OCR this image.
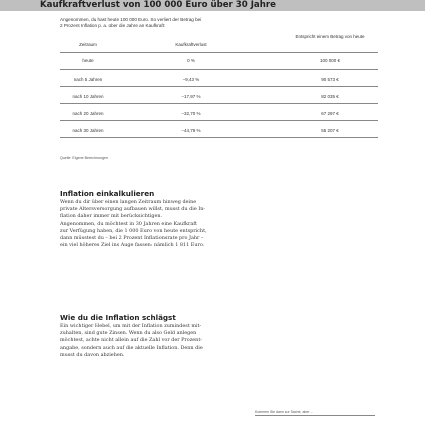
Kaufkraftverlust von 100 000 Euro über 30 Jahre
Angenommen, du hast heute 100 000 Euro. So verliert der Betrag bei
2 Prozent Inflation p. a. über die Jahre an Kaufkraft:
Zeitraum	Kaufkraftverlust
Entspricht einem Betrag von heute
heute	0 %	100 000 €
nach 5 Jahren	−9,43 %	90 573 €
nach 10 Jahren	−17,97 %	82 035 €
nach 20 Jahren	−32,70 %	67 297 €
nach 30 Jahren	−44,79 %	55 207 €
Quelle: Eigene Berechnungen
Inflation einkalkulieren
Wenn du dir über einen langen Zeitraum hinweg deine
private Altersversorgung aufbauen willst, musst du die In-
flation daher immer mit berücksichtigen.
Angenommen, du möchtest in 30 Jahren eine Kaufkraft
zur Verfügung haben, die 1 000 Euro von heute entspricht,
dann müsstest du – bei 2 Prozent Inflationsrate pro Jahr –
ein viel höheres Ziel ins Auge fassen: nämlich 1 811 Euro.
Wie du die Inflation schlägst
Ein wichtiger Hebel, um mit der Inflation zumindest mit-
zuhalten, sind gute Zinsen. Wenn du also Geld anlegen
möchtest, achte nicht allein auf die Zahl vor der Prozent-
angabe, sondern auch auf die aktuelle Inflation. Denn die
musst du davon abziehen.
Kommen Sie dann zur Sache, aber ...
